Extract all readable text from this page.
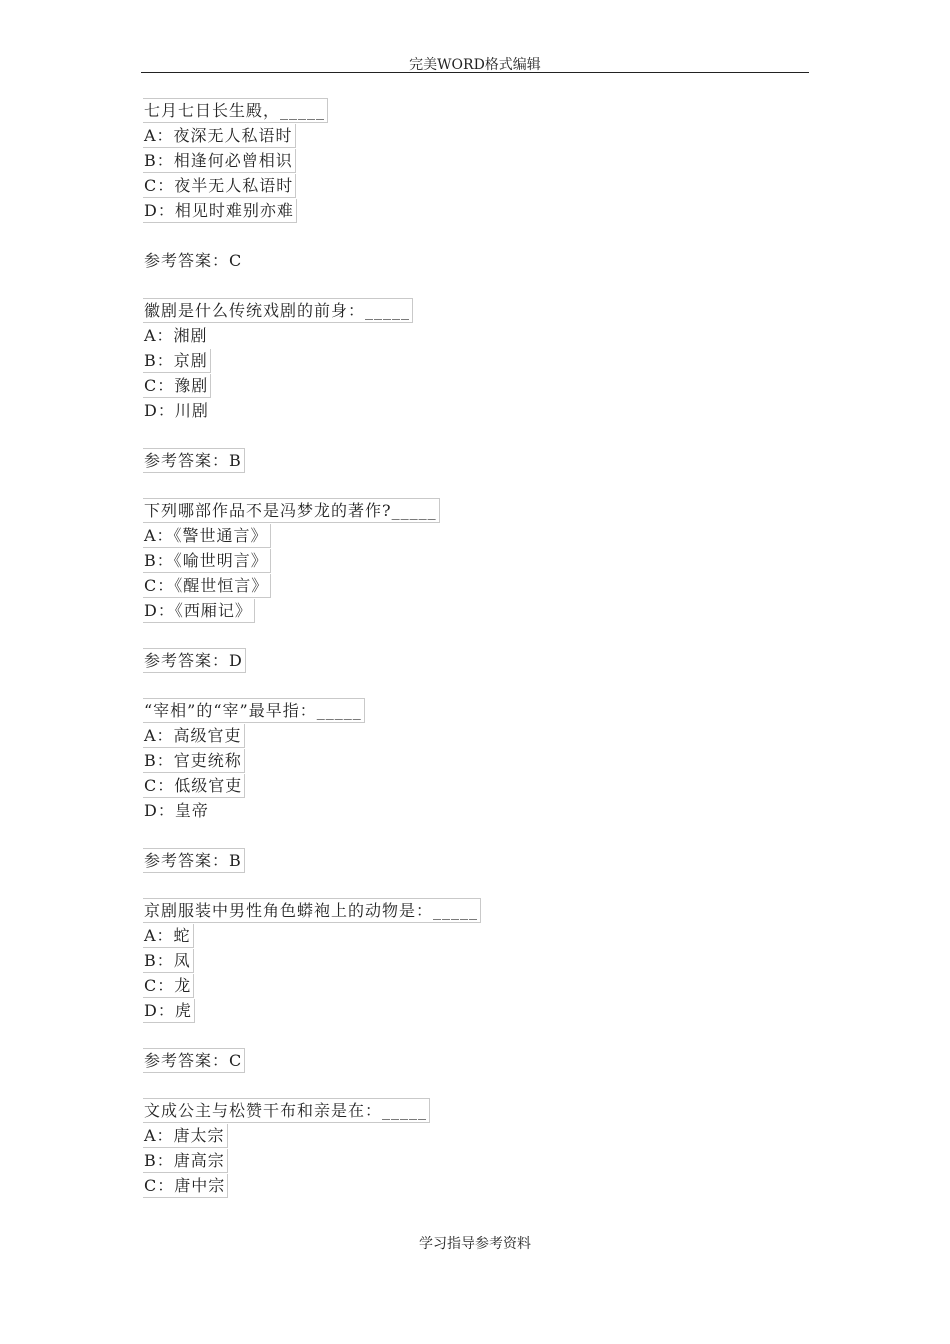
完美WORD格式编辑
七月七日长生殿，_____
A：夜深无人私语时
B：相逢何必曾相识
C：夜半无人私语时
D：相见时难别亦难
参考答案：C
徽剧是什么传统戏剧的前身：_____
A：湘剧
B：京剧
C：豫剧
D：川剧
参考答案：B
下列哪部作品不是冯梦龙的著作?_____
A：《警世通言》
B：《喻世明言》
C：《醒世恒言》
D：《西厢记》
参考答案：D
“宰相”的“宰”最早指：_____
A：高级官吏
B：官吏统称
C：低级官吏
D：皇帝
参考答案：B
京剧服装中男性角色蟒袍上的动物是：_____
A：蛇
B：凤
C：龙
D：虎
参考答案：C
文成公主与松赞干布和亲是在：_____
A：唐太宗
B：唐高宗
C：唐中宗
学习指导参考资料
